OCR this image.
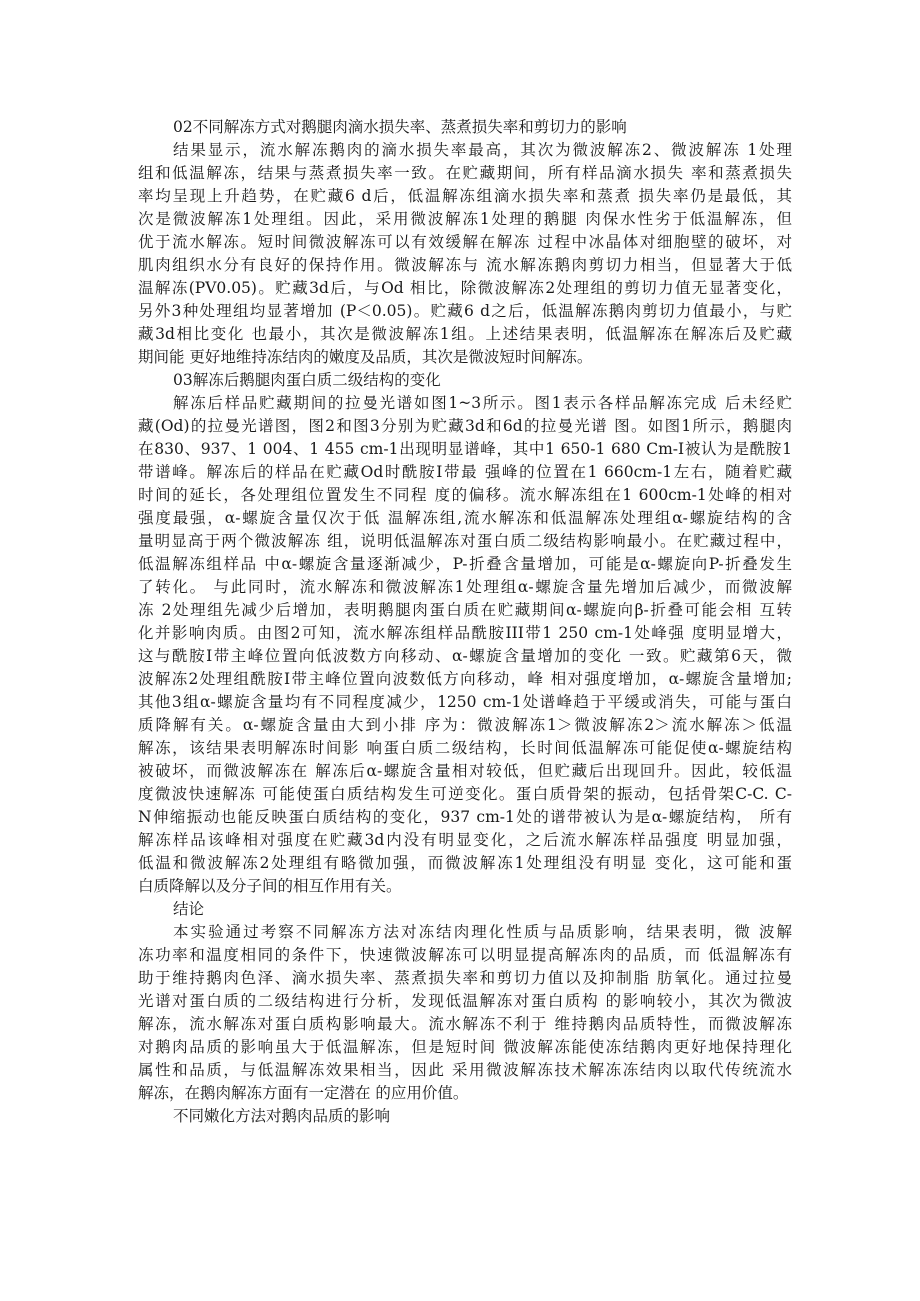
02不同解冻方式对鹅腿肉滴水损失率、蒸煮损失率和剪切力的影响
结果显示，流水解冻鹅肉的滴水损失率最高，其次为微波解冻2、微波解冻 1处理
组和低温解冻，结果与蒸煮损失率一致。在贮藏期间，所有样品滴水损失 率和蒸煮损失
率均呈现上升趋势，在贮藏6 d后，低温解冻组滴水损失率和蒸煮 损失率仍是最低，其
次是微波解冻1处理组。因此，采用微波解冻1处理的鹅腿 肉保水性劣于低温解冻，但
优于流水解冻。短时间微波解冻可以有效缓解在解冻 过程中冰晶体对细胞壁的破坏，对
肌肉组织水分有良好的保持作用。微波解冻与 流水解冻鹅肉剪切力相当，但显著大于低
温解冻(PV0.05)。贮藏3d后，与Od 相比，除微波解冻2处理组的剪切力值无显著变化，
另外3种处理组均显著增加 (P＜0.05)。贮藏6 d之后，低温解冻鹅肉剪切力值最小，与贮
藏3d相比变化 也最小，其次是微波解冻1组。上述结果表明，低温解冻在解冻后及贮藏
期间能 更好地维持冻结肉的嫩度及品质，其次是微波短时间解冻。
03解冻后鹅腿肉蛋白质二级结构的变化
解冻后样品贮藏期间的拉曼光谱如图1~3所示。图1表示各样品解冻完成 后未经贮
藏(Od)的拉曼光谱图，图2和图3分别为贮藏3d和6d的拉曼光谱 图。如图1所示，鹅腿肉
在830、937、1 004、1 455 cm-1出现明显谱峰，其中1 650-1 680 Cm-I被认为是酰胺1
带谱峰。解冻后的样品在贮藏Od时酰胺I带最 强峰的位置在1 660cm-1左右，随着贮藏
时间的延长，各处理组位置发生不同程 度的偏移。流水解冻组在1 600cm-1处峰的相对
强度最强，α-螺旋含量仅次于低 温解冻组,流水解冻和低温解冻处理组α-螺旋结构的含
量明显高于两个微波解冻 组，说明低温解冻对蛋白质二级结构影响最小。在贮藏过程中，
低温解冻组样品 中α-螺旋含量逐渐减少，P-折叠含量增加，可能是α-螺旋向P-折叠发生
了转化。 与此同时，流水解冻和微波解冻1处理组α-螺旋含量先增加后减少，而微波解
冻 2处理组先减少后增加，表明鹅腿肉蛋白质在贮藏期间α-螺旋向β-折叠可能会相 互转
化并影响肉质。由图2可知，流水解冻组样品酰胺III带1 250 cm-1处峰强 度明显增大，
这与酰胺I带主峰位置向低波数方向移动、α-螺旋含量增加的变化 一致。贮藏第6天，微
波解冻2处理组酰胺I带主峰位置向波数低方向移动，峰 相对强度增加，α-螺旋含量增加;
其他3组α-螺旋含量均有不同程度减少，1250 cm-1处谱峰趋于平缓或消失，可能与蛋白
质降解有关。α-螺旋含量由大到小排 序为：微波解冻1＞微波解冻2＞流水解冻＞低温
解冻，该结果表明解冻时间影 响蛋白质二级结构，长时间低温解冻可能促使α-螺旋结构
被破坏，而微波解冻在 解冻后α-螺旋含量相对较低，但贮藏后出现回升。因此，较低温
度微波快速解冻 可能使蛋白质结构发生可逆变化。蛋白质骨架的振动，包括骨架C-C. C-
N伸缩振动也能反映蛋白质结构的变化，937 cm-1处的谱带被认为是α-螺旋结构， 所有
解冻样品该峰相对强度在贮藏3d内没有明显变化，之后流水解冻样品强度 明显加强，
低温和微波解冻2处理组有略微加强，而微波解冻1处理组没有明显 变化，这可能和蛋
白质降解以及分子间的相互作用有关。
结论
本实验通过考察不同解冻方法对冻结肉理化性质与品质影响，结果表明，微 波解
冻功率和温度相同的条件下，快速微波解冻可以明显提高解冻肉的品质，而 低温解冻有
助于维持鹅肉色泽、滴水损失率、蒸煮损失率和剪切力值以及抑制脂 肪氧化。通过拉曼
光谱对蛋白质的二级结构进行分析，发现低温解冻对蛋白质构 的影响较小，其次为微波
解冻，流水解冻对蛋白质构影响最大。流水解冻不利于 维持鹅肉品质特性，而微波解冻
对鹅肉品质的影响虽大于低温解冻，但是短时间 微波解冻能使冻结鹅肉更好地保持理化
属性和品质，与低温解冻效果相当，因此 采用微波解冻技术解冻冻结肉以取代传统流水
解冻，在鹅肉解冻方面有一定潜在 的应用价值。
不同嫩化方法对鹅肉品质的影响
